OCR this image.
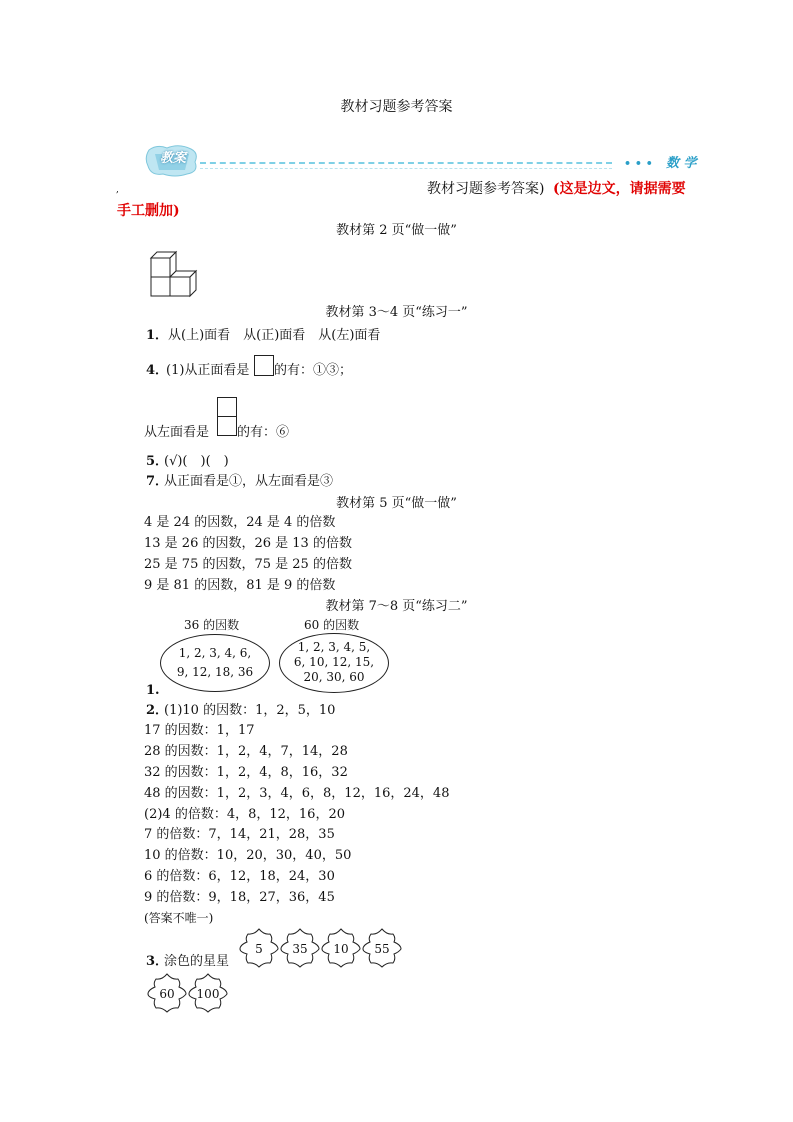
教材习题参考答案
教案	• • • 数 学
,	教材习题参考答案) (这是边文，请据需要
手工删加)
教材第 2 页“做一做”
教材第 3～4 页“练习一”
1． 从(上)面看　从(正)面看　从(左)面看
4．
(1)从正面看是 的有：①③；
从左面看是 的有：⑥
5．
(√)(　)(　)
7．
从正面看是①，从左面看是③
教材第 5 页“做一做”
4 是 24 的因数，24 是 4 的倍数
13 是 26 的因数，26 是 13 的倍数
25 是 75 的因数，75 是 25 的倍数
9 是 81 的因数，81 是 9 的倍数
教材第 7～8 页“练习二”
36 的因数
1, 2, 3, 4, 6,
9, 12, 18, 36
60 的因数
1, 2, 3, 4, 5,
6, 10, 12, 15,
20, 30, 60
1.
2．
(1)10 的因数：1，2，5，10
17 的因数：1，17
28 的因数：1，2，4，7，14，28
32 的因数：1，2，4，8，16，32
48 的因数：1，2，3，4，6，8，12，16，24，48
(2)4 的倍数：4，8，12，16，20
7 的倍数：7，14，21，28，35
10 的倍数：10，20，30，40，50
6 的倍数：6，12，18，24，30
9 的倍数：9，18，27，36，45
(答案不唯一)
3．
涂色的星星
5	35	10	55
60	100
